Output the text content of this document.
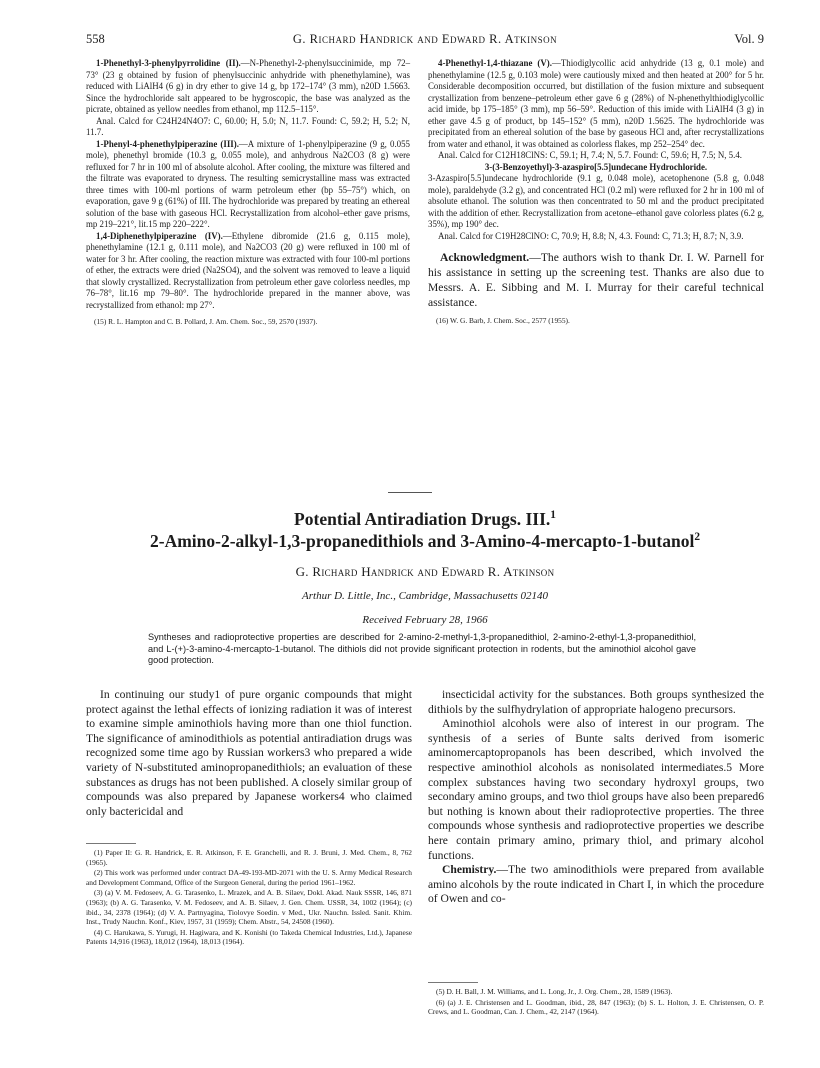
558	G. Richard Handrick and Edward R. Atkinson	Vol. 9

1-Phenethyl-3-phenylpyrrolidine (II).—N-Phenethyl-2-phenylsuccinimide, mp 72–73° (23 g obtained by fusion of phenylsuccinic anhydride with phenethylamine), was reduced with LiAlH4 (6 g) in dry ether to give 14 g, bp 172–174° (3 mm), n20D 1.5663. Since the hydrochloride salt appeared to be hygroscopic, the base was analyzed as the picrate, obtained as yellow needles from ethanol, mp 112.5–115°.

Anal. Calcd for C24H24N4O7: C, 60.00; H, 5.0; N, 11.7. Found: C, 59.2; H, 5.2; N, 11.7.

1-Phenyl-4-phenethylpiperazine (III).—A mixture of 1-phenylpiperazine (9 g, 0.055 mole), phenethyl bromide (10.3 g, 0.055 mole), and anhydrous Na2CO3 (8 g) were refluxed for 7 hr in 100 ml of absolute alcohol. After cooling, the mixture was filtered and the filtrate was evaporated to dryness. The resulting semicrystalline mass was extracted three times with 100-ml portions of warm petroleum ether (bp 55–75°) which, on evaporation, gave 9 g (61%) of III. The hydrochloride was prepared by treating an ethereal solution of the base with gaseous HCl. Recrystallization from alcohol–ether gave prisms, mp 219–221°, lit.15 mp 220–222°.

1,4-Diphenethylpiperazine (IV).—Ethylene dibromide (21.6 g, 0.115 mole), phenethylamine (12.1 g, 0.111 mole), and Na2CO3 (20 g) were refluxed in 100 ml of water for 3 hr. After cooling, the reaction mixture was extracted with four 100-ml portions of ether, the extracts were dried (Na2SO4), and the solvent was removed to leave a liquid that slowly crystallized. Recrystallization from petroleum ether gave colorless needles, mp 76–78°, lit.16 mp 79–80°. The hydrochloride prepared in the manner above, was recrystallized from ethanol: mp 27°.

(15) R. L. Hampton and C. B. Pollard, J. Am. Chem. Soc., 59, 2570 (1937).

4-Phenethyl-1,4-thiazane (V).—Thiodiglycollic acid anhydride (13 g, 0.1 mole) and phenethylamine (12.5 g, 0.103 mole) were cautiously mixed and then heated at 200° for 5 hr. Considerable decomposition occurred, but distillation of the fusion mixture and subsequent crystallization from benzene–petroleum ether gave 6 g (28%) of N-phenethylthiodiglycollic acid imide, bp 175–185° (3 mm), mp 56–59°. Reduction of this imide with LiAlH4 (3 g) in ether gave 4.5 g of product, bp 145–152° (5 mm), n20D 1.5625. The hydrochloride was precipitated from an ethereal solution of the base by gaseous HCl and, after recrystallizations from water and ethanol, it was obtained as colorless flakes, mp 252–254° dec.

Anal. Calcd for C12H18ClNS: C, 59.1; H, 7.4; N, 5.7. Found: C, 59.6; H, 7.5; N, 5.4.

3-(3-Benzoyethyl)-3-azaspiro[5.5]undecane Hydrochloride.

3-Azaspiro[5.5]undecane hydrochloride (9.1 g, 0.048 mole), acetophenone (5.8 g, 0.048 mole), paraldehyde (3.2 g), and concentrated HCl (0.2 ml) were refluxed for 2 hr in 100 ml of absolute ethanol. The solution was then concentrated to 50 ml and the product precipitated with the addition of ether. Recrystallization from acetone–ethanol gave colorless plates (6.2 g, 35%), mp 190° dec.

Anal. Calcd for C19H28ClNO: C, 70.9; H, 8.8; N, 4.3. Found: C, 71.3; H, 8.7; N, 3.9.

Acknowledgment.—The authors wish to thank Dr. I. W. Parnell for his assistance in setting up the screening test. Thanks are also due to Messrs. A. E. Sibbing and M. I. Murray for their careful technical assistance.

(16) W. G. Barb, J. Chem. Soc., 2577 (1955).

Potential Antiradiation Drugs. III.$^1$
2-Amino-2-alkyl-1,3-propanedithiols and 3-Amino-4-mercapto-1-butanol$^2$
G. Richard Handrick and Edward R. Atkinson
Arthur D. Little, Inc., Cambridge, Massachusetts 02140
Received February 28, 1966
Syntheses and radioprotective properties are described for 2-amino-2-methyl-1,3-propanedithiol, 2-amino-2-ethyl-1,3-propanedithiol, and L-(+)-3-amino-4-mercapto-1-butanol. The dithiols did not provide significant protection in rodents, but the aminothiol alcohol gave good protection.

In continuing our study1 of pure organic compounds that might protect against the lethal effects of ionizing radiation it was of interest to examine simple aminothiols having more than one thiol function. The significance of aminodithiols as potential antiradiation drugs was recognized some time ago by Russian workers3 who prepared a wide variety of N-substituted aminopropanedithiols; an evaluation of these substances as drugs has not been published. A closely similar group of compounds was also prepared by Japanese workers4 who claimed only bactericidal and

(1) Paper II: G. R. Handrick, E. R. Atkinson, F. E. Granchelli, and R. J. Bruni, J. Med. Chem., 8, 762 (1965).

(2) This work was performed under contract DA-49-193-MD-2071 with the U. S. Army Medical Research and Development Command, Office of the Surgeon General, during the period 1961–1962.

(3) (a) V. M. Fedoseev, A. G. Tarasenko, L. Mrazek, and A. B. Silaev, Dokl. Akad. Nauk SSSR, 146, 871 (1963); (b) A. G. Tarasenko, V. M. Fedoseev, and A. B. Silaev, J. Gen. Chem. USSR, 34, 1002 (1964); (c) ibid., 34, 2378 (1964); (d) V. A. Partnyagina, Tiolovye Soedin. v Med., Ukr. Nauchn. Issled. Sanit. Khim. Inst., Trudy Nauchn. Konf., Kiev, 1957, 31 (1959); Chem. Abstr., 54, 24508 (1960).

(4) C. Harukawa, S. Yurugi, H. Hagiwara, and K. Konishi (to Takeda Chemical Industries, Ltd.), Japanese Patents 14,916 (1963), 18,012 (1964), 18,013 (1964).

insecticidal activity for the substances. Both groups synthesized the dithiols by the sulfhydrylation of appropriate halogeno precursors.

Aminothiol alcohols were also of interest in our program. The synthesis of a series of Bunte salts derived from isomeric aminomercaptopropanols has been described, which involved the respective aminothiol alcohols as nonisolated intermediates.5 More complex substances having two secondary hydroxyl groups, two secondary amino groups, and two thiol groups have also been prepared6 but nothing is known about their radioprotective properties. The three compounds whose synthesis and radioprotective properties we describe here contain primary amino, primary thiol, and primary alcohol functions.

Chemistry.—The two aminodithiols were prepared from available amino alcohols by the route indicated in Chart I, in which the procedure of Owen and co-

(5) D. H. Ball, J. M. Williams, and L. Long, Jr., J. Org. Chem., 28, 1589 (1963).

(6) (a) J. E. Christensen and L. Goodman, ibid., 28, 847 (1963); (b) S. L. Holton, J. E. Christensen, O. P. Crews, and L. Goodman, Can. J. Chem., 42, 2147 (1964).
